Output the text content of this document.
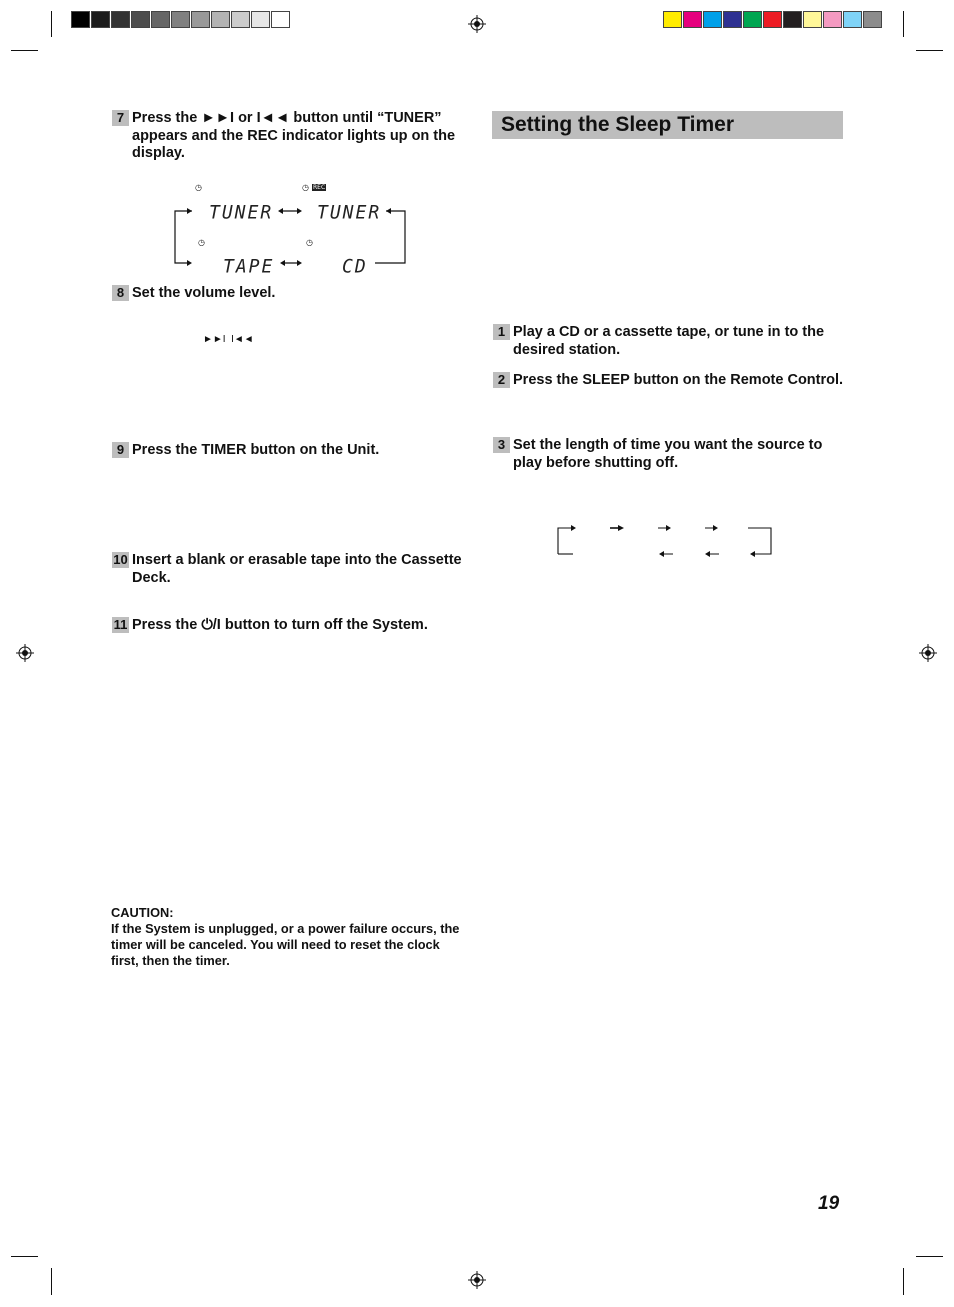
7 Press the ►►I or I◄◄ button until “TUNER” appears and the REC indicator lights up on the display.
◷	◷ REC
◷	◷
TUNER TUNER
TAPE	CD
8 Set the volume level.
►►I  I◄◄
9 Press the TIMER button on the Unit.
10 Insert a blank or erasable tape into the Cassette Deck.
11 Press the ⏻/I button to turn off the System.
CAUTION:
If the System is unplugged, or a power failure occurs, the timer will be canceled. You will need to reset the clock first, then the timer.
Setting the Sleep Timer
1 Play a CD or a cassette tape, or tune in to the desired station.
2 Press the SLEEP button on the Remote Control.
3 Set the length of time you want the source to play before shutting off.
19
